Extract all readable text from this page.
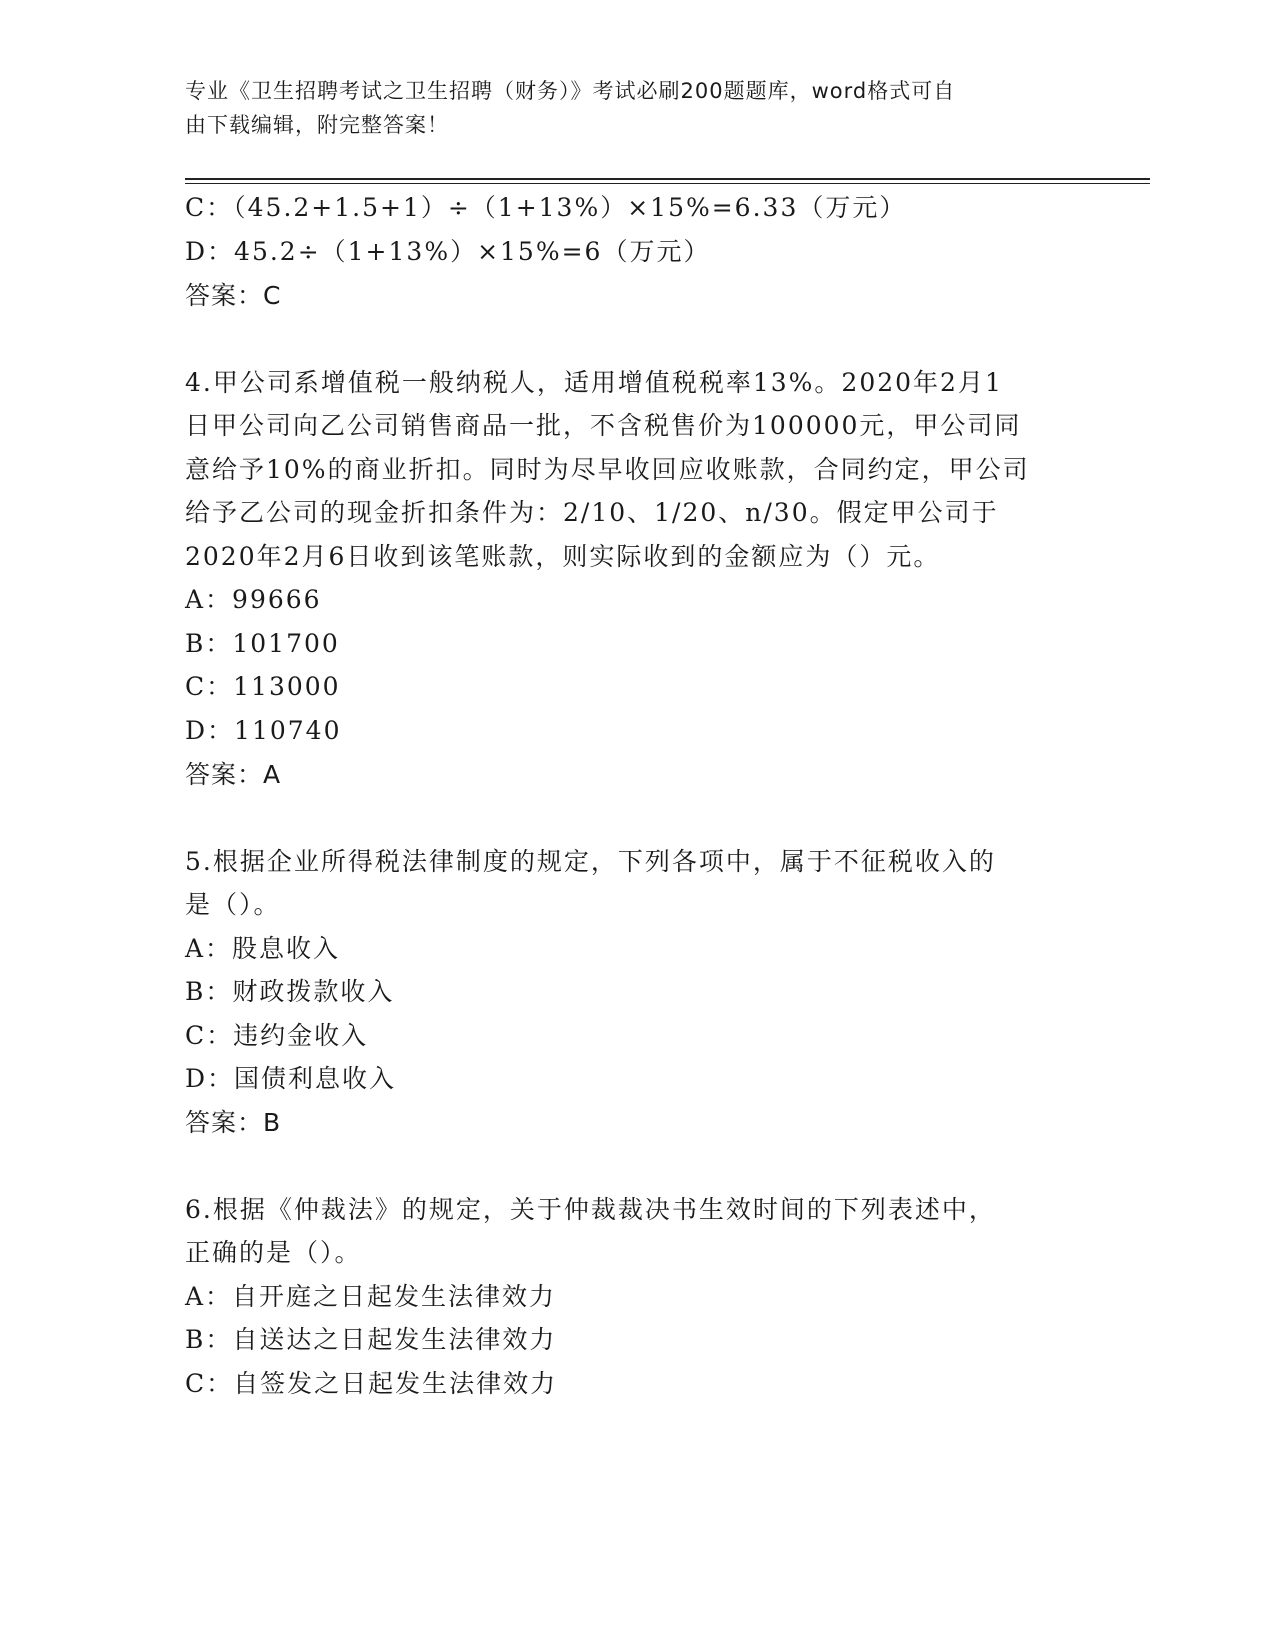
专业《卫生招聘考试之卫生招聘（财务）》考试必刷200题题库，word格式可自
由下载编辑，附完整答案！
C：（45.2+1.5+1）÷（1+13%）×15%=6.33（万元）
D：45.2÷（1+13%）×15%=6（万元）
答案：C
4.甲公司系增值税一般纳税人，适用增值税税率13%。2020年2月1
日甲公司向乙公司销售商品一批，不含税售价为100000元，甲公司同
意给予10%的商业折扣。同时为尽早收回应收账款，合同约定，甲公司
给予乙公司的现金折扣条件为：2/10、1/20、n/30。假定甲公司于
2020年2月6日收到该笔账款，则实际收到的金额应为（）元。
A：99666
B：101700
C：113000
D：110740
答案：A
5.根据企业所得税法律制度的规定，下列各项中，属于不征税收入的
是（）。
A：股息收入
B：财政拨款收入
C：违约金收入
D：国债利息收入
答案：B
6.根据《仲裁法》的规定，关于仲裁裁决书生效时间的下列表述中，
正确的是（）。
A：自开庭之日起发生法律效力
B：自送达之日起发生法律效力
C：自签发之日起发生法律效力
